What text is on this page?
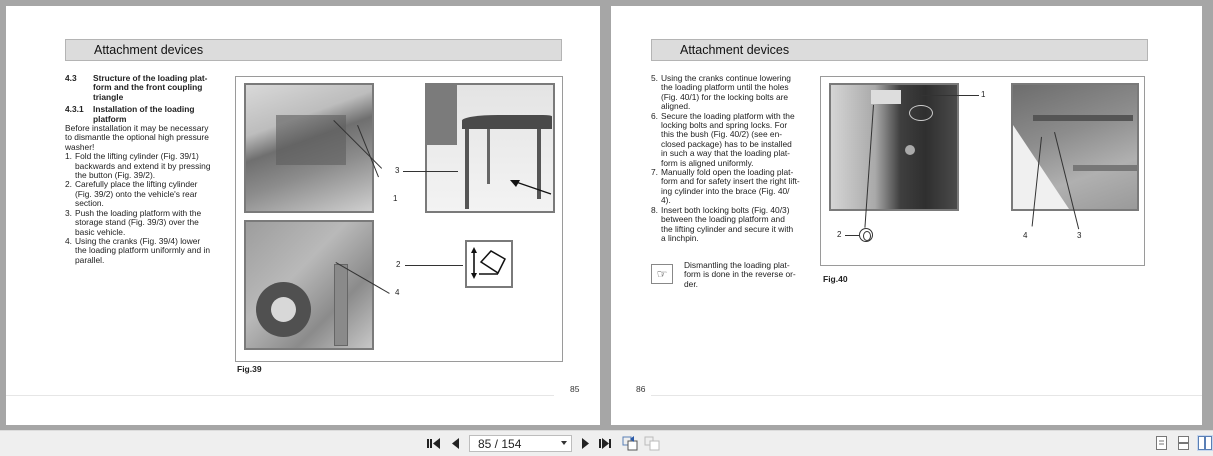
Attachment devices
4.3	Structure of the loading plat-
form and the front coupling
triangle
4.3.1	Installation of the loading
platform
Before installation it may be necessary
to dismantle the optional high pressure
washer!
1. Fold the lifting cylinder (Fig. 39/1)
backwards and extend it by pressing
the button (Fig. 39/2).
2. Carefully place the lifting cylinder
(Fig. 39/2) onto the vehicle's rear
section.
3. Push the loading platform with the
storage stand (Fig. 39/3) over the
basic vehicle.
4. Using the cranks (Fig. 39/4) lower
the loading platform uniformly and in
parallel.
3
1
2
4
Fig.39
85
Attachment devices
5. Using the cranks continue lowering
the loading platform until the holes
(Fig. 40/1) for the locking bolts are
aligned.
6. Secure the loading platform with the
locking bolts and spring locks. For
this the bush (Fig. 40/2) (see en-
closed package) has to be installed
in such a way that the loading plat-
form is aligned uniformly.
7. Manually fold open the loading plat-
form and for safety insert the right lift-
ing cylinder into the brace (Fig. 40/
4).
8. Insert both locking bolts (Fig. 40/3)
between the loading platform and
the lifting cylinder and secure it with
a linchpin.
☞
Dismantling the loading plat-
form is done in the reverse or-
der.
1
2	4	3
Fig.40
86
85 / 154
